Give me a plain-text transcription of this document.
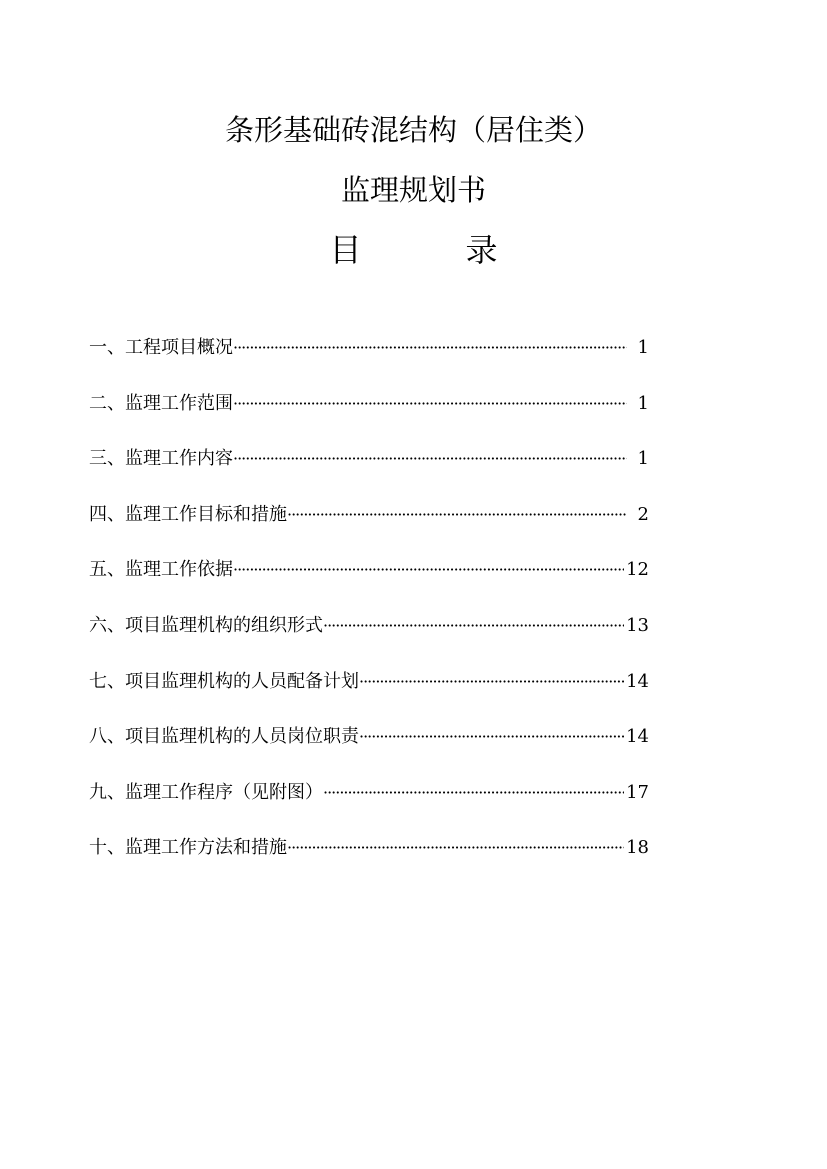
条形基础砖混结构（居住类）
监理规划书
目	录
一、工程项目概况 ·····	1
二、监理工作范围 ·····	1
三、监理工作内容 ·····	1
四、监理工作目标和措施 ·····	2
五、监理工作依据 ·····	12
六、项目监理机构的组织形式 ·····	13
七、项目监理机构的人员配备计划 ·····	14
八、项目监理机构的人员岗位职责 ·····	14
九、监理工作程序（见附图） ·····	17
十、监理工作方法和措施 ·····	18
